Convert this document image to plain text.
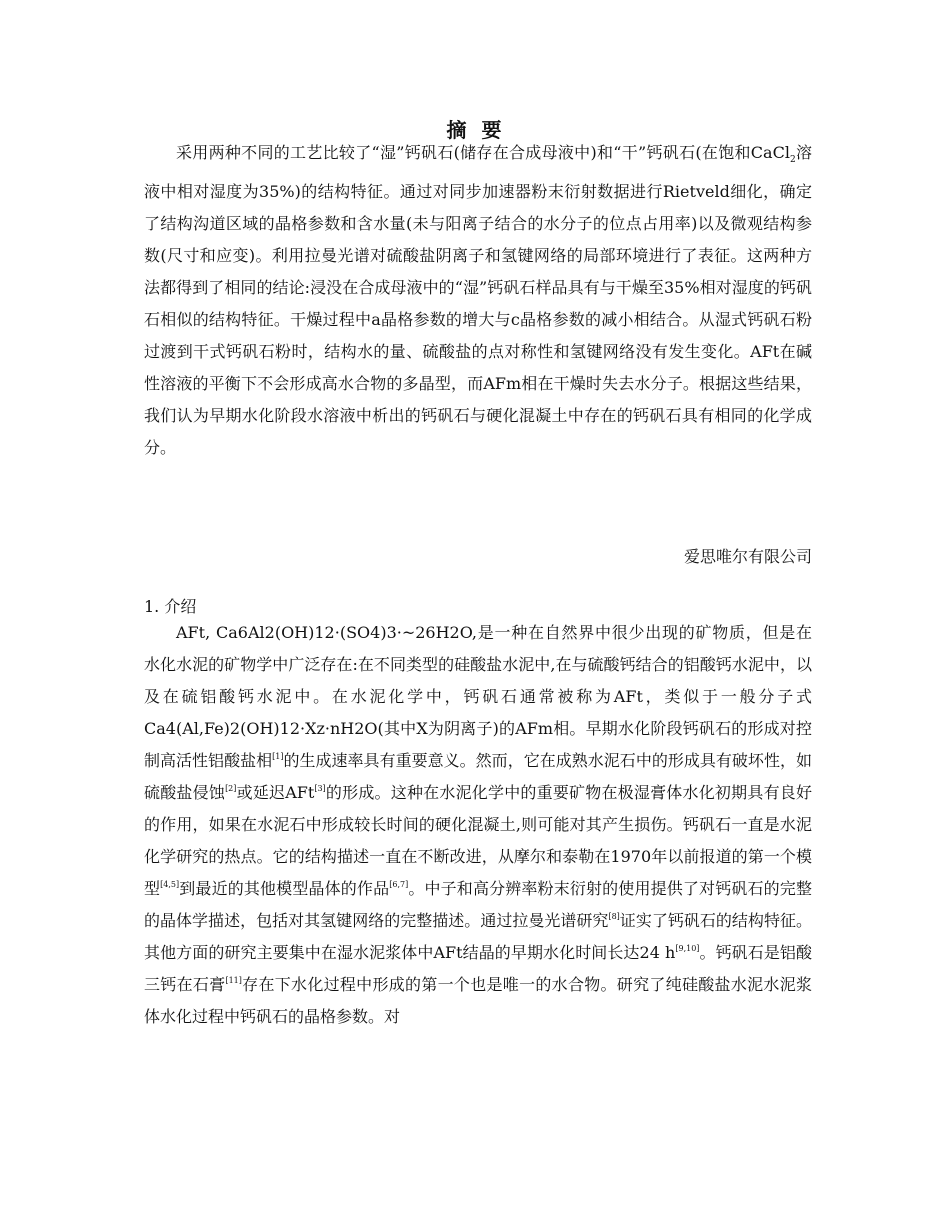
摘 要

采用两种不同的工艺比较了“湿”钙矾石(储存在合成母液中)和“干”钙矾石(在饱和CaCl$_2$溶液中相对湿度为35%)的结构特征。通过对同步加速器粉末衍射数据进行Rietveld细化，确定了结构沟道区域的晶格参数和含水量(未与阳离子结合的水分子的位点占用率)以及微观结构参数(尺寸和应变)。利用拉曼光谱对硫酸盐阴离子和氢键网络的局部环境进行了表征。这两种方法都得到了相同的结论:浸没在合成母液中的“湿”钙矾石样品具有与干燥至35%相对湿度的钙矾石相似的结构特征。干燥过程中a晶格参数的增大与c晶格参数的减小相结合。从湿式钙矾石粉过渡到干式钙矾石粉时，结构水的量、硫酸盐的点对称性和氢键网络没有发生变化。AFt在碱性溶液的平衡下不会形成高水合物的多晶型，而AFm相在干燥时失去水分子。根据这些结果，我们认为早期水化阶段水溶液中析出的钙矾石与硬化混凝土中存在的钙矾石具有相同的化学成分。

爱思唯尔有限公司

1. 介绍

AFt, Ca6Al2(OH)12·(SO4)3·~26H2O,是一种在自然界中很少出现的矿物质，但是在水化水泥的矿物学中广泛存在:在不同类型的硅酸盐水泥中,在与硫酸钙结合的铝酸钙水泥中，以及在硫铝酸钙水泥中。在水泥化学中，钙矾石通常被称为AFt，类似于一般分子式Ca4(Al,Fe)2(OH)12·Xz·nH2O(其中X为阴离子)的AFm相。早期水化阶段钙矾石的形成对控制高活性铝酸盐相[1]的生成速率具有重要意义。然而，它在成熟水泥石中的形成具有破坏性，如硫酸盐侵蚀[2]或延迟AFt[3]的形成。这种在水泥化学中的重要矿物在极湿膏体水化初期具有良好的作用，如果在水泥石中形成较长时间的硬化混凝土,则可能对其产生损伤。钙矾石一直是水泥化学研究的热点。它的结构描述一直在不断改进，从摩尔和泰勒在1970年以前报道的第一个模型[4,5]到最近的其他模型晶体的作品[6,7]。中子和高分辨率粉末衍射的使用提供了对钙矾石的完整的晶体学描述，包括对其氢键网络的完整描述。通过拉曼光谱研究[8]证实了钙矾石的结构特征。其他方面的研究主要集中在湿水泥浆体中AFt结晶的早期水化时间长达24 h[9,10]。钙矾石是铝酸三钙在石膏[11]存在下水化过程中形成的第一个也是唯一的水合物。研究了纯硅酸盐水泥水泥浆体水化过程中钙矾石的晶格参数。对
